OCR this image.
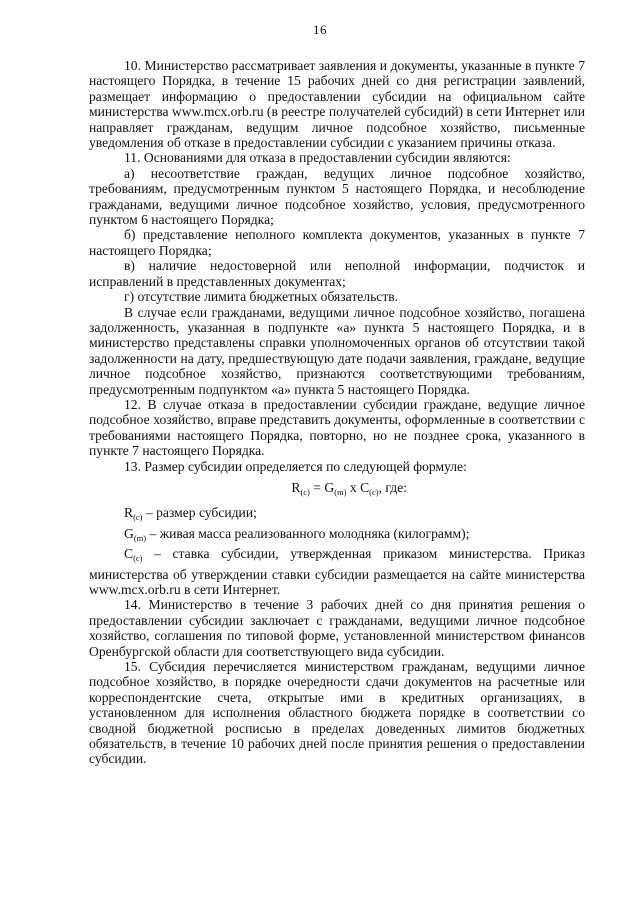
16

10. Министерство рассматривает заявления и документы, указанные в пункте 7 настоящего Порядка, в течение 15 рабочих дней со дня регистрации заявлений, размещает информацию о предоставлении субсидии на официальном сайте министерства www.mcx.orb.ru (в реестре получателей субсидий) в сети Интернет или направляет гражданам, ведущим личное подсобное хозяйство, письменные уведомления об отказе в предоставлении субсидии с указанием причины отказа.

11. Основаниями для отказа в предоставлении субсидии являются:

а) несоответствие граждан, ведущих личное подсобное хозяйство, требованиям, предусмотренным пунктом 5 настоящего Порядка, и несоблюдение гражданами, ведущими личное подсобное хозяйство, условия, предусмотренного пунктом 6 настоящего Порядка;

б) представление неполного комплекта документов, указанных в пункте 7 настоящего Порядка;

в) наличие недостоверной или неполной информации, подчисток и исправлений в представленных документах;

г) отсутствие лимита бюджетных обязательств.

В случае если гражданами, ведущими личное подсобное хозяйство, погашена задолженность, указанная в подпункте «а» пункта 5 настоящего Порядка, и в министерство представлены справки уполномоченных органов об отсутствии такой задолженности на дату, предшествующую дате подачи заявления, граждане, ведущие личное подсобное хозяйство, признаются соответствующими требованиям, предусмотренным подпунктом «а» пункта 5 настоящего Порядка.

12. В случае отказа в предоставлении субсидии граждане, ведущие личное подсобное хозяйство, вправе представить документы, оформленные в соответствии с требованиями настоящего Порядка, повторно, но не позднее срока, указанного в пункте 7 настоящего Порядка.

13. Размер субсидии определяется по следующей формуле:

$R_{(c)} = G_{(m)}$ х $C_{(c)}$, где:

$R_{(c)}$ – размер субсидии;

$G_{(m)}$ – живая масса реализованного молодняка (килограмм);

$C_{(c)}$ – ставка субсидии, утвержденная приказом министерства. Приказ министерства об утверждении ставки субсидии размещается на сайте министерства www.mcx.orb.ru в сети Интернет.

14. Министерство в течение 3 рабочих дней со дня принятия решения о предоставлении субсидии заключает с гражданами, ведущими личное подсобное хозяйство, соглашения по типовой форме, установленной министерством финансов Оренбургской области для соответствующего вида субсидии.

15. Субсидия перечисляется министерством гражданам, ведущими личное подсобное хозяйство, в порядке очередности сдачи документов на расчетные или корреспондентские счета, открытые ими в кредитных организациях, в установленном для исполнения областного бюджета порядке в соответствии со сводной бюджетной росписью в пределах доведенных лимитов бюджетных обязательств, в течение 10 рабочих дней после принятия решения о предоставлении субсидии.
